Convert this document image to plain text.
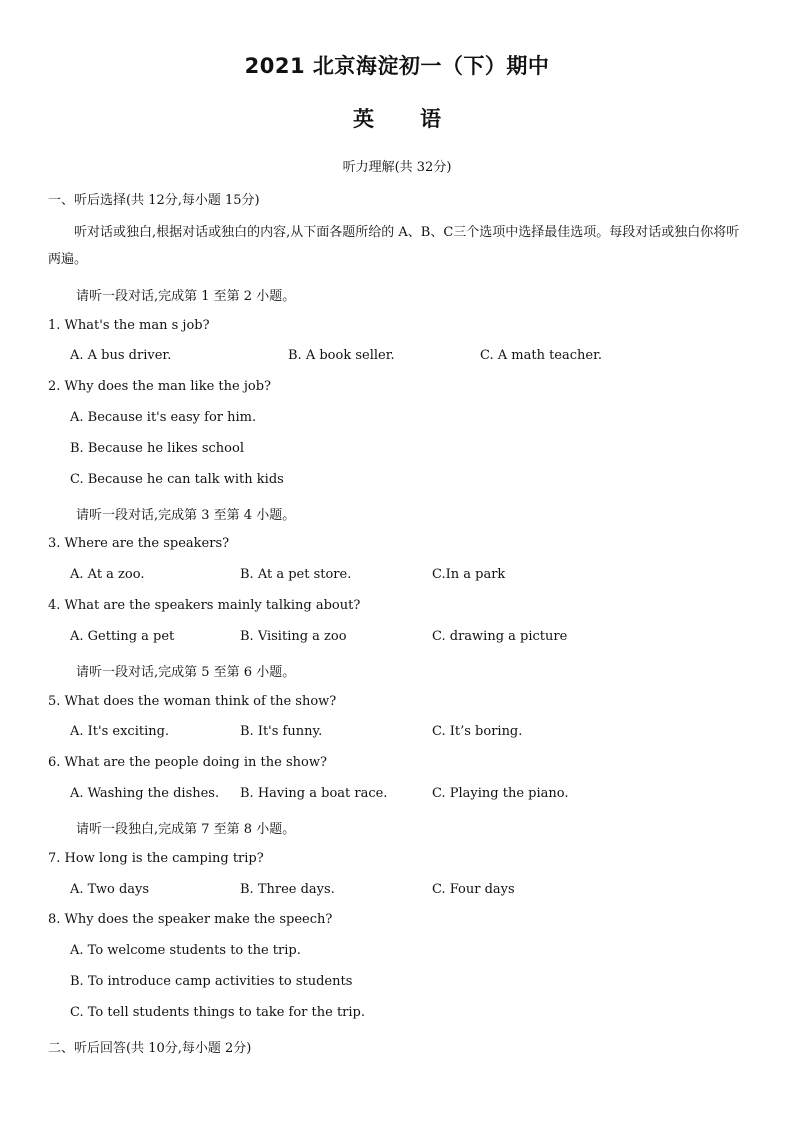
2021 北京海淀初一（下）期中
英 语
听力理解(共 32分)
一、听后选择(共 12分,每小题 15分)
听对话或独白,根据对话或独白的内容,从下面各题所给的 A、B、C三个选项中选择最佳选项。每段对话或独白你将听两遍。
请听一段对话,完成第 1 至第 2 小题。
1. What's the man s job?
A. A bus driver.	B. A book seller.	C. A math teacher.
2. Why does the man like the job?
A. Because it's easy for him.
B. Because he likes school
C. Because he can talk with kids
请听一段对话,完成第 3 至第 4 小题。
3. Where are the speakers?
A. At a zoo.	B. At a pet store.	C.In a park
4. What are the speakers mainly talking about?
A. Getting a pet	B. Visiting a zoo	C. drawing a picture
请听一段对话,完成第 5 至第 6 小题。
5. What does the woman think of the show?
A. It's exciting.	B. It's funny.	C. It’s boring.
6. What are the people doing in the show?
A. Washing the dishes. B. Having a boat race.	C. Playing the piano.
请听一段独白,完成第 7 至第 8 小题。
7. How long is the camping trip?
A. Two days	B. Three days.	C. Four days
8. Why does the speaker make the speech?
A. To welcome students to the trip.
B. To introduce camp activities to students
C. To tell students things to take for the trip.
二、听后回答(共 10分,每小题 2分)
